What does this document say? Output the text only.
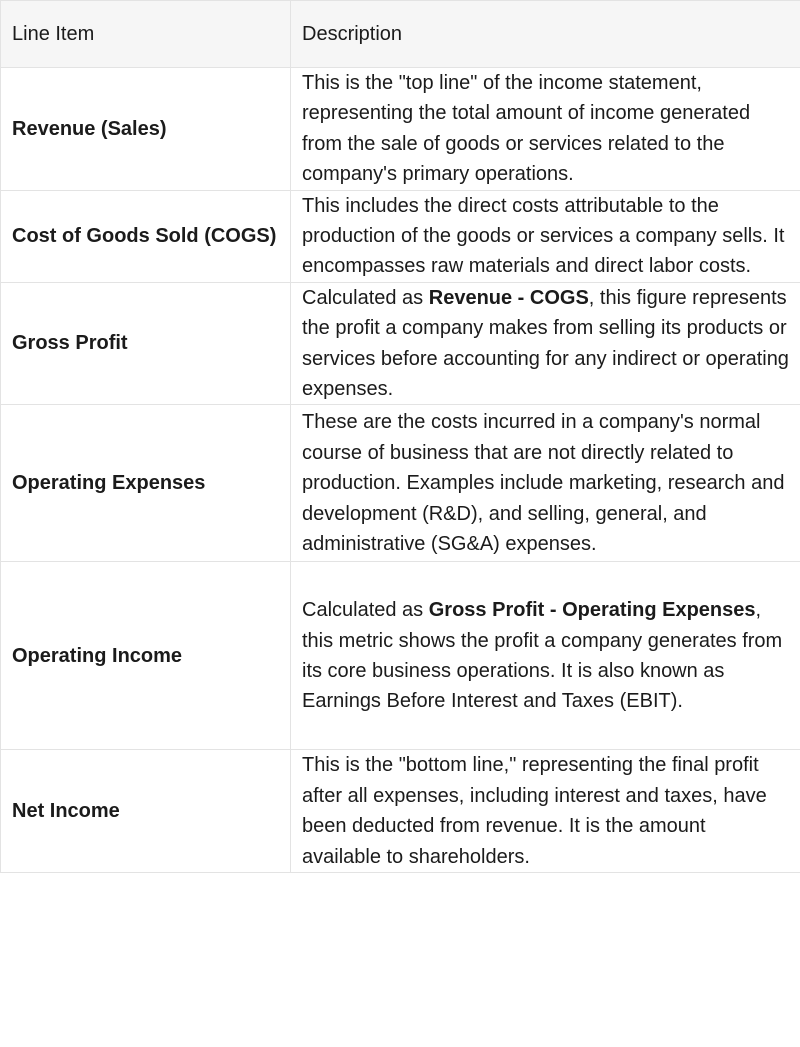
Line Item	Description
Revenue (Sales)	This is the "top line" of the income statement, representing the total amount of income generated from the sale of goods or services related to the company's primary operations.
Cost of Goods Sold (COGS)	This includes the direct costs attributable to the production of the goods or services a company sells. It encompasses raw materials and direct labor costs.
Gross Profit	Calculated as Revenue - COGS, this figure represents the profit a company makes from selling its products or services before accounting for any indirect or operating expenses.
Operating Expenses	These are the costs incurred in a company's normal course of business that are not directly related to production. Examples include marketing, research and development (R&D), and selling, general, and administrative (SG&A) expenses.
Operating Income	Calculated as Gross Profit - Operating Expenses, this metric shows the profit a company generates from its core business operations. It is also known as Earnings Before Interest and Taxes (EBIT).
Net Income	This is the "bottom line," representing the final profit after all expenses, including interest and taxes, have been deducted from revenue. It is the amount available to shareholders.
